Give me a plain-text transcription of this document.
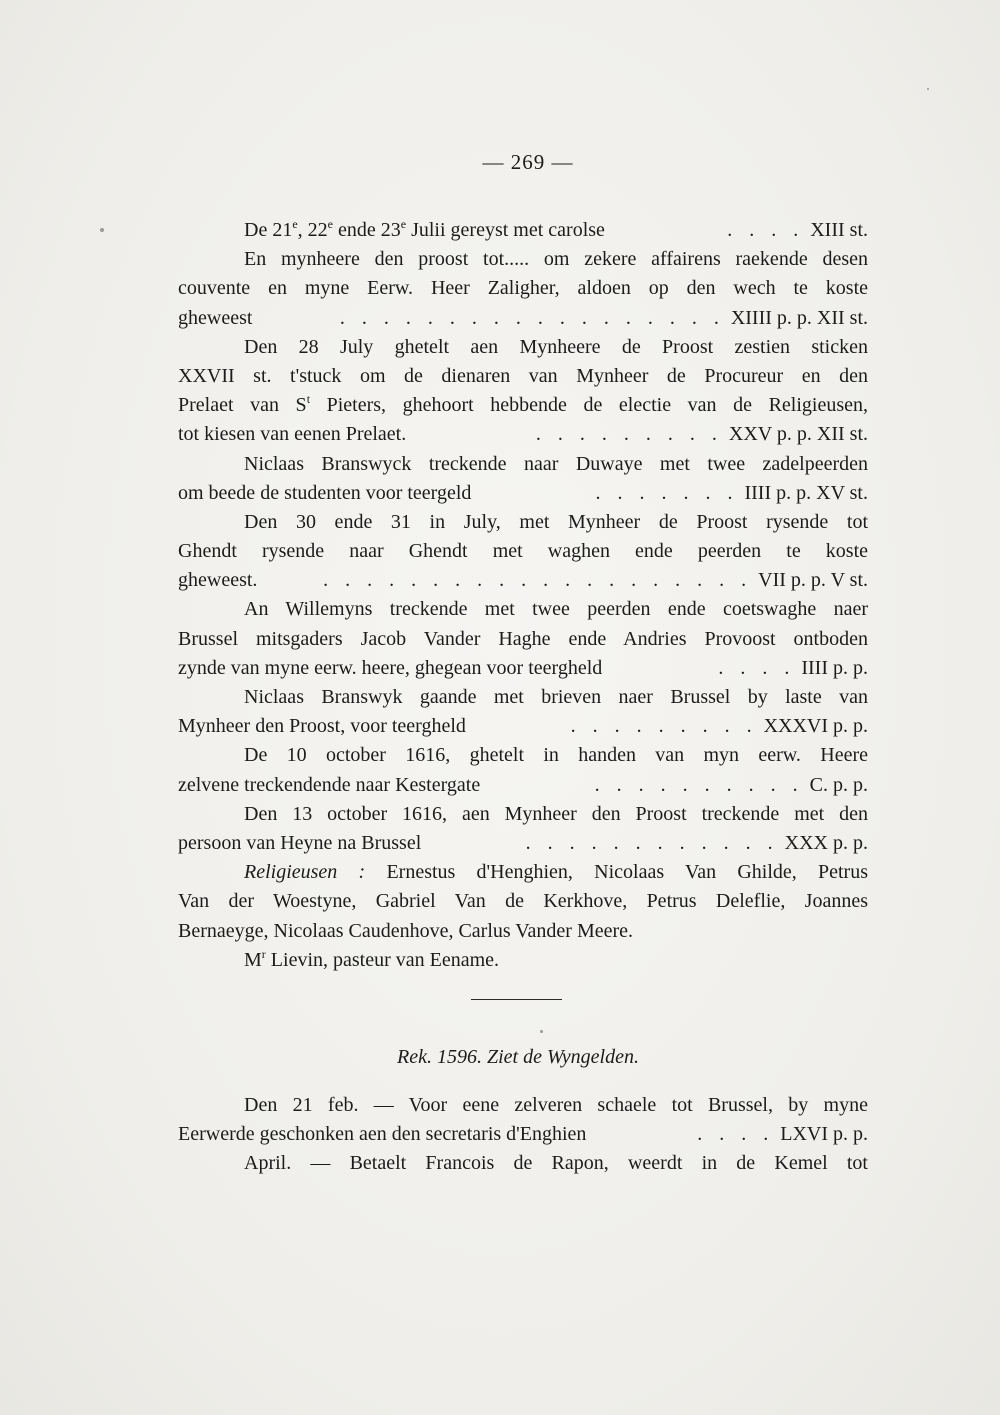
— 269 —
De 21e, 22e ende 23e Julii gereyst met carolse	. . . . XIII st.
En mynheere den proost tot..... om zekere affairens raekende desen
couvente en myne Eerw. Heer Zaligher, aldoen op den wech te koste
gheweest	. . . . . . . . . . . . . . . . . . XIIII p. p. XII st.
Den 28 July ghetelt aen Mynheere de Proost zestien sticken
XXVII st. t'stuck om de dienaren van Mynheer de Procureur en den
Prelaet van $S^t$ Pieters, ghehoort hebbende de electie van de Religieusen,
tot kiesen van eenen Prelaet.	. . . . . . . . . XXV p. p. XII st.
Niclaas Branswyck treckende naar Duwaye met twee zadelpeerden
om beede de studenten voor teergeld	. . . . . . . IIII p. p. XV st.
Den 30 ende 31 in July, met Mynheer de Proost rysende tot
Ghendt rysende naar Ghendt met waghen ende peerden te koste
gheweest.	. . . . . . . . . . . . . . . . . . . . VII p. p. V st.
An Willemyns treckende met twee peerden ende coetswaghe naer
Brussel mitsgaders Jacob Vander Haghe ende Andries Provoost ontboden
zynde van myne eerw. heere, ghegean voor teergheld	. . . . IIII p. p.
Niclaas Branswyk gaande met brieven naer Brussel by laste van
Mynheer den Proost, voor teergheld	. . . . . . . . . XXXVI p. p.
De 10 october 1616, ghetelt in handen van myn eerw. Heere
zelvene treckendende naar Kestergate	. . . . . . . . . . C. p. p.
Den 13 october 1616, aen Mynheer den Proost treckende met den
persoon van Heyne na Brussel	. . . . . . . . . . . . XXX p. p.
Religieusen : Ernestus d'Henghien, Nicolaas Van Ghilde, Petrus
Van der Woestyne, Gabriel Van de Kerkhove, Petrus Deleflie, Joannes
Bernaeyge, Nicolaas Caudenhove, Carlus Vander Meere.
$M^r$ Lievin, pasteur van Eename.
Rek. 1596. Ziet de Wyngelden.
Den 21 feb. — Voor eene zelveren schaele tot Brussel, by myne
Eerwerde geschonken aen den secretaris d'Enghien	. . . . LXVI p. p.
April. — Betaelt Francois de Rapon, weerdt in de Kemel tot
